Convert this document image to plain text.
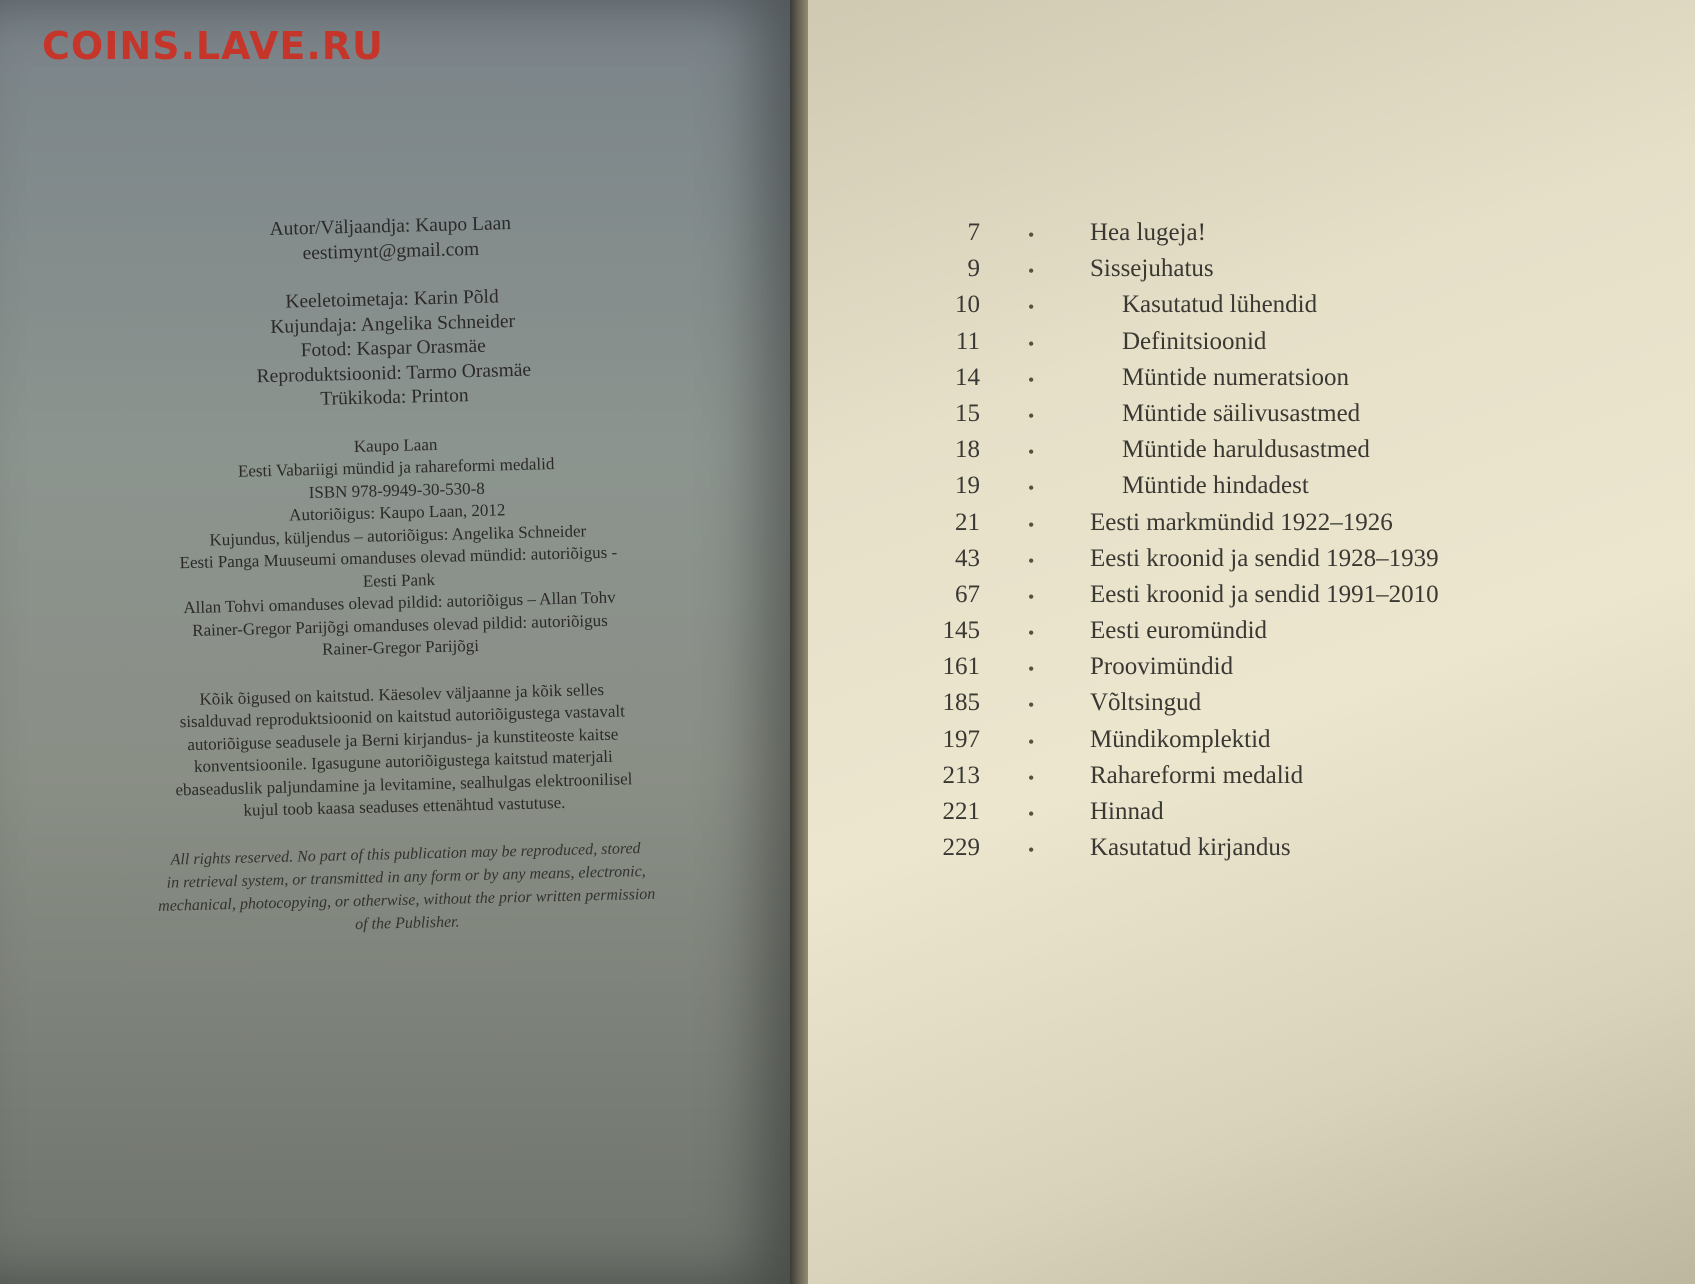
COINS.LAVE.RU
Autor/Väljaandja: Kaupo Laan
eestimynt@gmail.com
Keeletoimetaja: Karin Põld
Kujundaja: Angelika Schneider
Fotod: Kaspar Orasmäe
Reproduktsioonid: Tarmo Orasmäe
Trükikoda: Printon
Kaupo Laan
Eesti Vabariigi mündid ja rahareformi medalid
ISBN 978-9949-30-530-8
Autoriõigus: Kaupo Laan, 2012
Kujundus, küljendus – autoriõigus: Angelika Schneider
Eesti Panga Muuseumi omanduses olevad mündid: autoriõigus -
Eesti Pank
Allan Tohvi omanduses olevad pildid: autoriõigus – Allan Tohv
Rainer-Gregor Parijõgi omanduses olevad pildid: autoriõigus
Rainer-Gregor Parijõgi
Kõik õigused on kaitstud. Käesolev väljaanne ja kõik selles
sisalduvad reproduktsioonid on kaitstud autoriõigustega vastavalt
autoriõiguse seadusele ja Berni kirjandus- ja kunstiteoste kaitse
konventsioonile. Igasugune autoriõigustega kaitstud materjali
ebaseaduslik paljundamine ja levitamine, sealhulgas elektroonilisel
kujul toob kaasa seaduses ettenähtud vastutuse.
All rights reserved. No part of this publication may be reproduced, stored
in retrieval system, or transmitted in any form or by any means, electronic,
mechanical, photocopying, or otherwise, without the prior written permission
of the Publisher.
7	• Hea lugeja!
9	• Sissejuhatus
10	•	Kasutatud lühendid
11	•	Definitsioonid
14	•	Müntide numeratsioon
15	•	Müntide säilivusastmed
18	•	Müntide haruldusastmed
19	•	Müntide hindadest
21	• Eesti markmündid 1922–1926
43	• Eesti kroonid ja sendid 1928–1939
67	• Eesti kroonid ja sendid 1991–2010
145	• Eesti euromündid
161	• Proovimündid
185	• Võltsingud
197	• Mündikomplektid
213	• Rahareformi medalid
221	• Hinnad
229	• Kasutatud kirjandus
